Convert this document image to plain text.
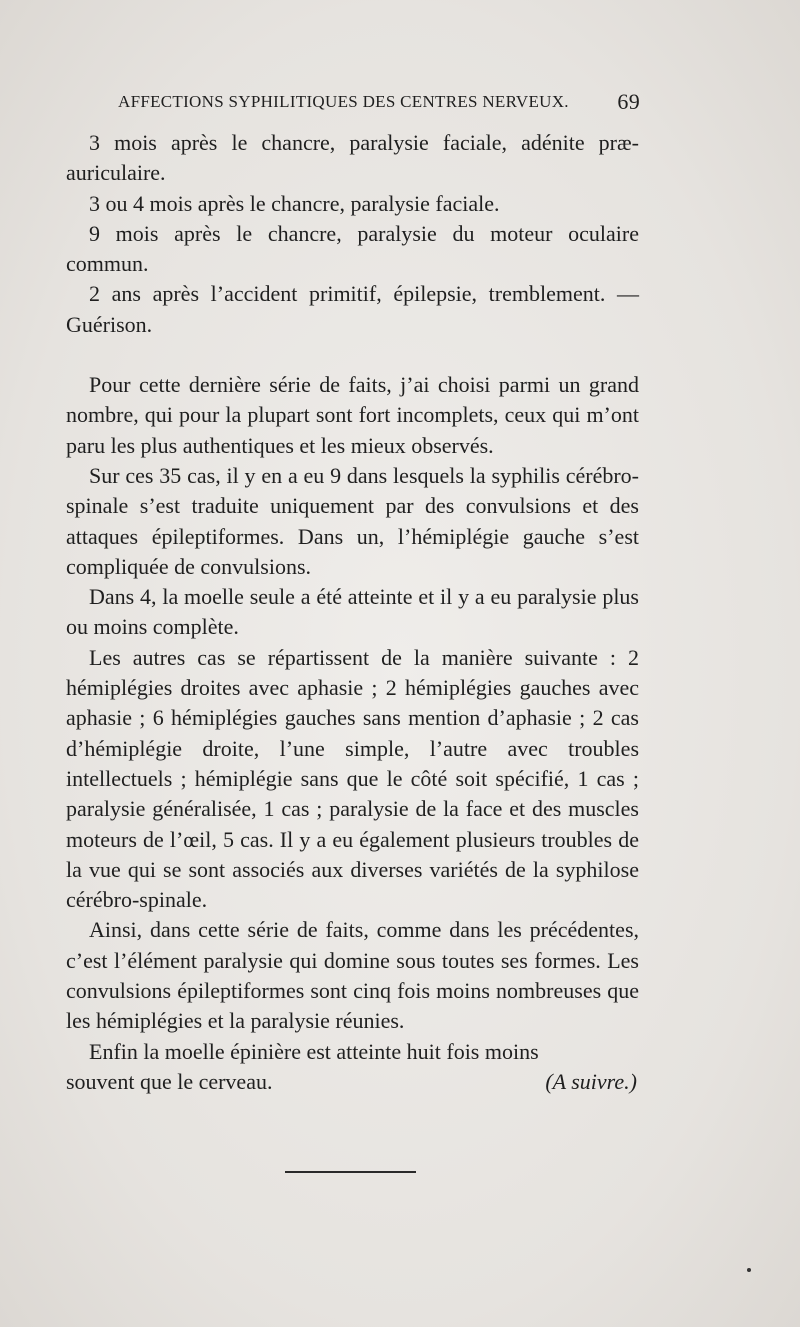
AFFECTIONS SYPHILITIQUES DES CENTRES NERVEUX. 69

3 mois après le chancre, paralysie faciale, adénite præ-auriculaire.

3 ou 4 mois après le chancre, paralysie faciale.

9 mois après le chancre, paralysie du moteur oculaire commun.

2 ans après l’accident primitif, épilepsie, tremblement. — Guérison.

Pour cette dernière série de faits, j’ai choisi parmi un grand nombre, qui pour la plupart sont fort incomplets, ceux qui m’ont paru les plus authentiques et les mieux observés.

Sur ces 35 cas, il y en a eu 9 dans lesquels la syphilis cérébro-spinale s’est traduite uniquement par des convulsions et des attaques épileptiformes. Dans un, l’hémiplégie gauche s’est compliquée de convulsions.

Dans 4, la moelle seule a été atteinte et il y a eu paralysie plus ou moins complète.

Les autres cas se répartissent de la manière suivante : 2 hémiplégies droites avec aphasie ; 2 hémiplégies gauches avec aphasie ; 6 hémiplégies gauches sans mention d’aphasie ; 2 cas d’hémiplégie droite, l’une simple, l’autre avec troubles intellectuels ; hémiplégie sans que le côté soit spécifié, 1 cas ; paralysie généralisée, 1 cas ; paralysie de la face et des muscles moteurs de l’œil, 5 cas. Il y a eu également plusieurs troubles de la vue qui se sont associés aux diverses variétés de la syphilose cérébro-spinale.

Ainsi, dans cette série de faits, comme dans les précédentes, c’est l’élément paralysie qui domine sous toutes ses formes. Les convulsions épileptiformes sont cinq fois moins nombreuses que les hémiplégies et la paralysie réunies.

Enfin la moelle épinière est atteinte huit fois moins

souvent que le cerveau.	(A suivre.)
